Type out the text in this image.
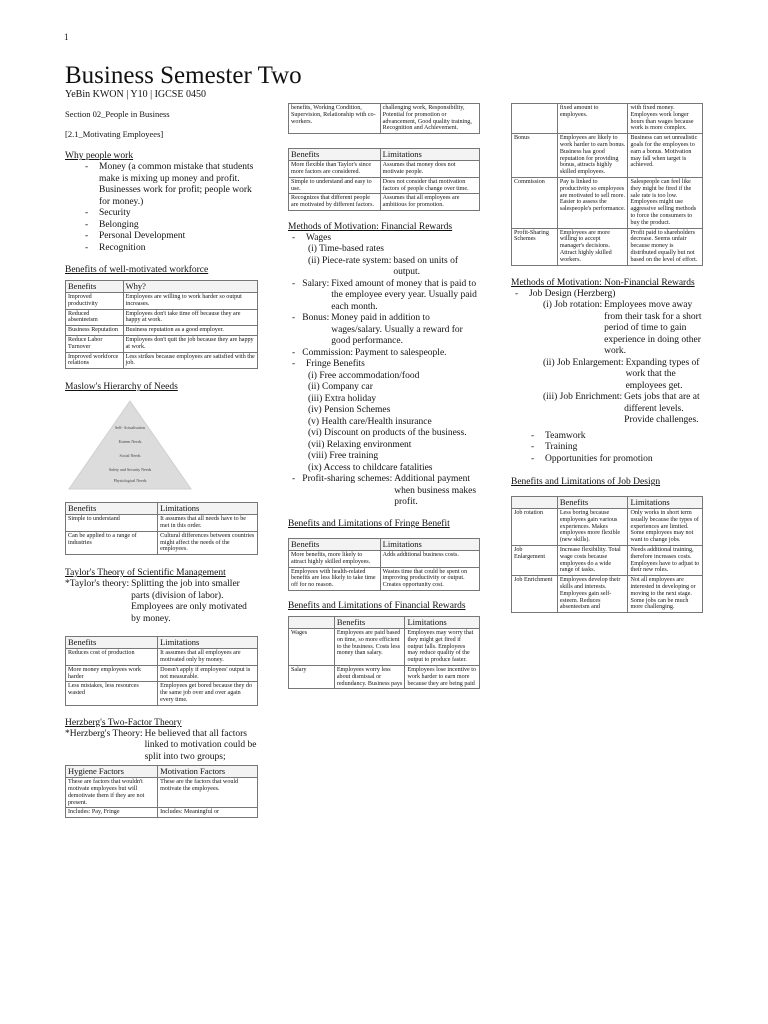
1
Business Semester Two
YeBin KWON | Y10 | IGCSE 0450
Section 02_People in Business
[2.1_Motivating Employees]
Why people work
-	Money (a common mistake that students make is mixing up money and profit. Businesses work for profit; people work for money.)
-	Security
-	Belonging
-	Personal Development
-	Recognition
Benefits of well-motivated workforce
Benefits	Why?
Improved productivity	Employees are willing to work harder so output increases.
Reduced absenteeism	Employees don't take time off because they are happy at work.
Business Reputation	Business reputation as a good employer.
Reduce Labor Turnover	Employees don't quit the job because they are happy at work.
Improved workforce relations	Less strikes because employees are satisfied with the job.
Maslow's Hierarchy of Needs
Self- Actualisation
Esteem Needs
Social Needs
Safety and Security Needs
Physiological Needs
Benefits	Limitations
Simple to understand	It assumes that all needs have to be met in this order.
Can be applied to a range of industries	Cultural differences between countries might affect the needs of the employees.
Taylor's Theory of Scientific Management
*Taylor's theory: Splitting the job into smaller parts (division of labor). Employees are only motivated by money.
Benefits	Limitations
Reduces cost of production	It assumes that all employees are motivated only by money.
More money employees work harder	Doesn't apply if employees' output is not measurable.
Less mistakes, less resources wasted	Employees get bored because they do the same job over and over again every time.
Herzberg's Two-Factor Theory
*Herzberg's Theory: He believed that all factors linked to motivation could be split into two groups;
Hygiene Factors	Motivation Factors
These are factors that wouldn't motivate employees but will demotivate them if they are not present.	These are the factors that would motivate the employees.
Includes: Pay, Fringe	Includes: Meaningful or
benefits, Working Condition, Supervision, Relationship with co-workers.	challenging work, Responsibility, Potential for promotion or advancement, Good quality training, Recognition and Achievement.
Benefits	Limitations
More flexible than Taylor's since more factors are considered.	Assumes that money does not motivate people.
Simple to understand and easy to use.	Does not consider that motivation factors of people change over time.
Recognizes that different people are motivated by different factors.	Assumes that all employees are ambitious for promotion.
Methods of Motivation: Financial Rewards
-	Wages
(i) Time-based rates
(ii) Piece-rate system: based on units of output.
- Salary: Fixed amount of money that is paid to the employee every year. Usually paid each month.
- Bonus: Money paid in addition to wages/salary. Usually a reward for good performance.
- Commission: Payment to salespeople.
-	Fringe Benefits
(i) Free accommodation/food
(ii) Company car
(iii) Extra holiday
(iv) Pension Schemes
(v) Health care/Health insurance
(vi) Discount on products of the business.
(vii) Relaxing environment
(viii) Free training
(ix) Access to childcare fatalities
- Profit-sharing schemes: Additional payment when business makes profit.
Benefits and Limitations of Fringe Benefit
Benefits	Limitations
More benefits, more likely to attract highly skilled employees.	Adds additional business costs.
Employees with health-related benefits are less likely to take time off for no reason.	Wastes time that could be spent on improving productivity or output. Creates opportunity cost.
Benefits and Limitations of Financial Rewards
	Benefits	Limitations
Wages	Employees are paid based on time, so more efficient to the business. Costs less money than salary.	Employees may worry that they might get fired if output falls. Employees may reduce quality of the output to produce faster.
Salary	Employees worry less about dismissal or redundancy. Business pays	Employees lose incentive to work harder to earn more because they are being paid
	fixed amount to employees.	with fixed money. Employees work longer hours than wages because work is more complex.
Bonus	Employees are likely to work harder to earn bonus. Business has good reputation for providing bonus, attracts highly skilled employees.	Business can set unrealistic goals for the employees to earn a bonus. Motivation may fall when target is achieved.
Commission	Pay is linked to productivity so employees are motivated to sell more. Easier to assess the salespeople's performance.	Salespeople can feel like they might be fired if the sale rate is too low. Employees might use aggressive selling methods to force the consumers to buy the product.
Profit-Sharing Schemes	Employees are more willing to accept manager's decisions. Attract highly skilled workers.	Profit paid to shareholders decrease. Seems unfair because money is distributed equally but not based on the level of effort.
Methods of Motivation: Non-Financial Rewards
-	Job Design (Herzberg)
(i) Job rotation: Employees move away from their task for a short period of time to gain experience in doing other work.
(ii) Job Enlargement: Expanding types of work that the employees get.
(iii) Job Enrichment: Gets jobs that are at different levels. Provide challenges.
-	Teamwork
-	Training
-	Opportunities for promotion
Benefits and Limitations of Job Design
	Benefits	Limitations
Job rotation	Less boring because employees gain various experiences. Makes employees more flexible (new skills).	Only works in short term usually because the types of experiences are limited. Some employees may not want to change jobs.
Job Enlargement	Increase flexibility. Total wage costs because employees do a wide range of tasks.	Needs additional training, therefore increases costs. Employees have to adjust to their new roles.
Job Enrichment	Employees develop their skills and interests. Employees gain self-esteem. Reduces absenteeism and	Not all employees are interested in developing or moving to the next stage. Some jobs can be much more challenging.
